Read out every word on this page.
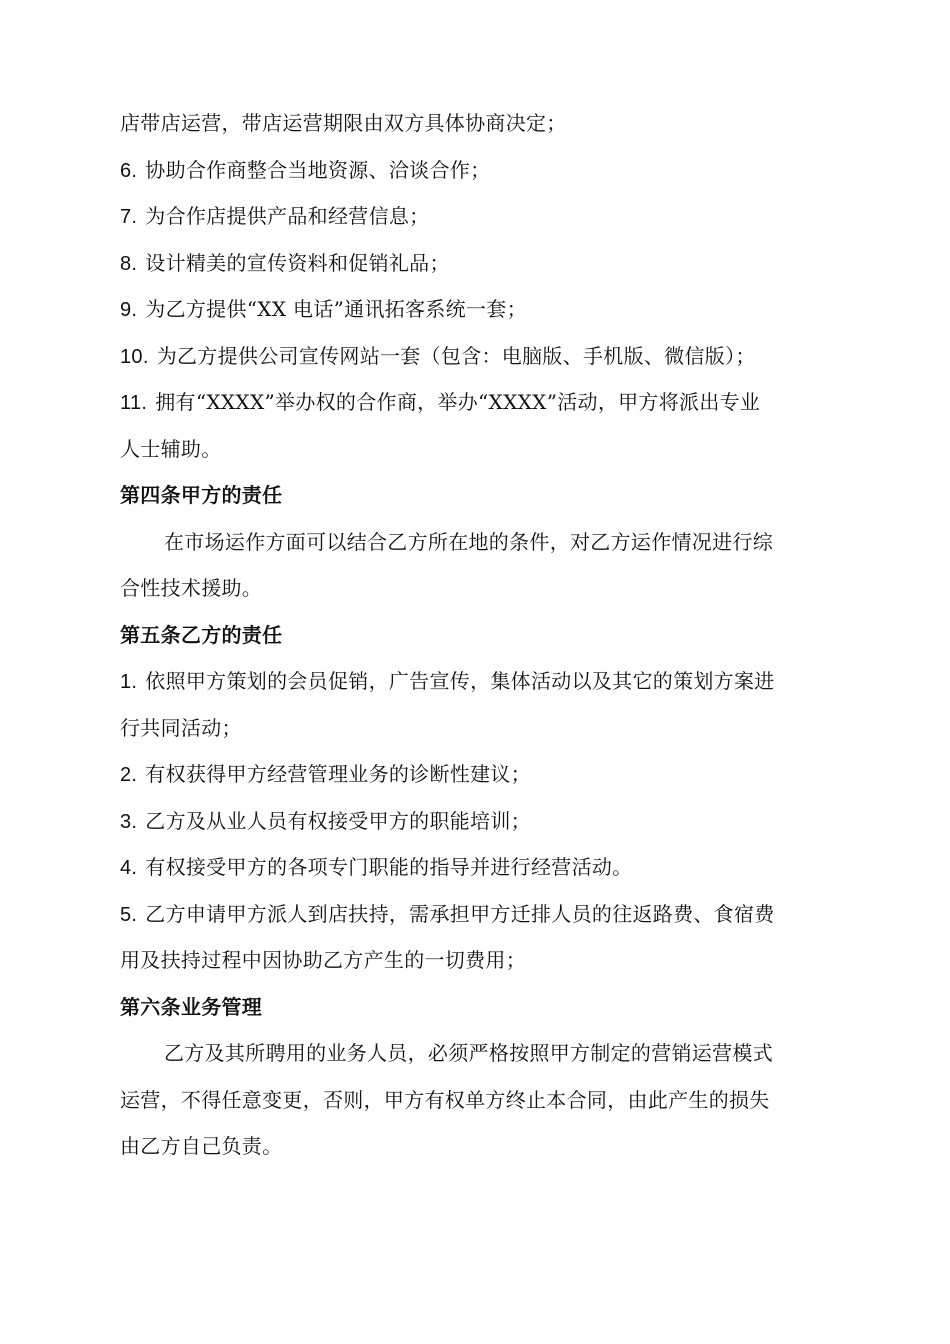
店带店运营，带店运营期限由双方具体协商决定；
6. 协助合作商整合当地资源、洽谈合作；
7. 为合作店提供产品和经营信息；
8. 设计精美的宣传资料和促销礼品；
9. 为乙方提供“XX 电话”通讯拓客系统一套；
10. 为乙方提供公司宣传网站一套（包含：电脑版、手机版、微信版）；
11. 拥有“XXXX”举办权的合作商，举办“XXXX”活动，甲方将派出专业
人士辅助。
第四条甲方的责任
在市场运作方面可以结合乙方所在地的条件，对乙方运作情况进行综
合性技术援助。
第五条乙方的责任
1. 依照甲方策划的会员促销，广告宣传，集体活动以及其它的策划方案进
行共同活动；
2. 有权获得甲方经营管理业务的诊断性建议；
3. 乙方及从业人员有权接受甲方的职能培训；
4. 有权接受甲方的各项专门职能的指导并进行经营活动。
5. 乙方申请甲方派人到店扶持，需承担甲方迁排人员的往返路费、食宿费
用及扶持过程中因协助乙方产生的一切费用；
第六条业务管理
乙方及其所聘用的业务人员，必须严格按照甲方制定的营销运营模式
运营，不得任意变更，否则，甲方有权单方终止本合同，由此产生的损失
由乙方自己负责。
